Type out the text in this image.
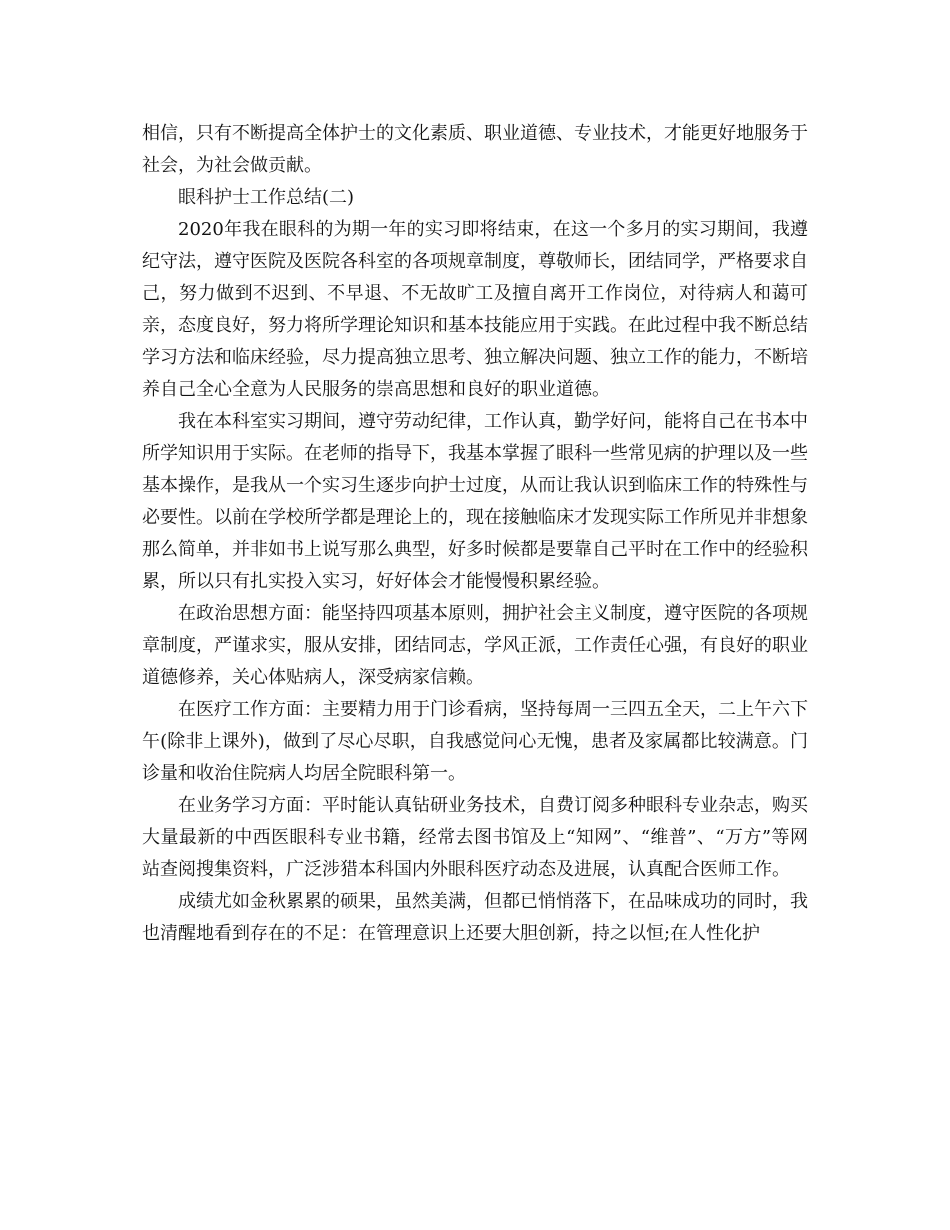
相信，只有不断提高全体护士的文化素质、职业道德、专业技术，才能更好地服务于社会，为社会做贡献。

眼科护士工作总结(二)

2020年我在眼科的为期一年的实习即将结束，在这一个多月的实习期间，我遵纪守法，遵守医院及医院各科室的各项规章制度，尊敬师长，团结同学，严格要求自己，努力做到不迟到、不早退、不无故旷工及擅自离开工作岗位，对待病人和蔼可亲，态度良好，努力将所学理论知识和基本技能应用于实践。在此过程中我不断总结学习方法和临床经验，尽力提高独立思考、独立解决问题、独立工作的能力，不断培养自己全心全意为人民服务的崇高思想和良好的职业道德。

我在本科室实习期间，遵守劳动纪律，工作认真，勤学好问，能将自己在书本中所学知识用于实际。在老师的指导下，我基本掌握了眼科一些常见病的护理以及一些基本操作，是我从一个实习生逐步向护士过度，从而让我认识到临床工作的特殊性与必要性。以前在学校所学都是理论上的，现在接触临床才发现实际工作所见并非想象那么简单，并非如书上说写那么典型，好多时候都是要靠自己平时在工作中的经验积累，所以只有扎实投入实习，好好体会才能慢慢积累经验。

在政治思想方面：能坚持四项基本原则，拥护社会主义制度，遵守医院的各项规章制度，严谨求实，服从安排，团结同志，学风正派，工作责任心强，有良好的职业道德修养，关心体贴病人，深受病家信赖。

在医疗工作方面：主要精力用于门诊看病，坚持每周一三四五全天，二上午六下午(除非上课外)，做到了尽心尽职，自我感觉问心无愧，患者及家属都比较满意。门诊量和收治住院病人均居全院眼科第一。

在业务学习方面：平时能认真钻研业务技术，自费订阅多种眼科专业杂志，购买大量最新的中西医眼科专业书籍，经常去图书馆及上“知网”、“维普”、“万方”等网站查阅搜集资料，广泛涉猎本科国内外眼科医疗动态及进展，认真配合医师工作。

成绩尤如金秋累累的硕果，虽然美满，但都已悄悄落下，在品味成功的同时，我也清醒地看到存在的不足：在管理意识上还要大胆创新，持之以恒;在人性化护
